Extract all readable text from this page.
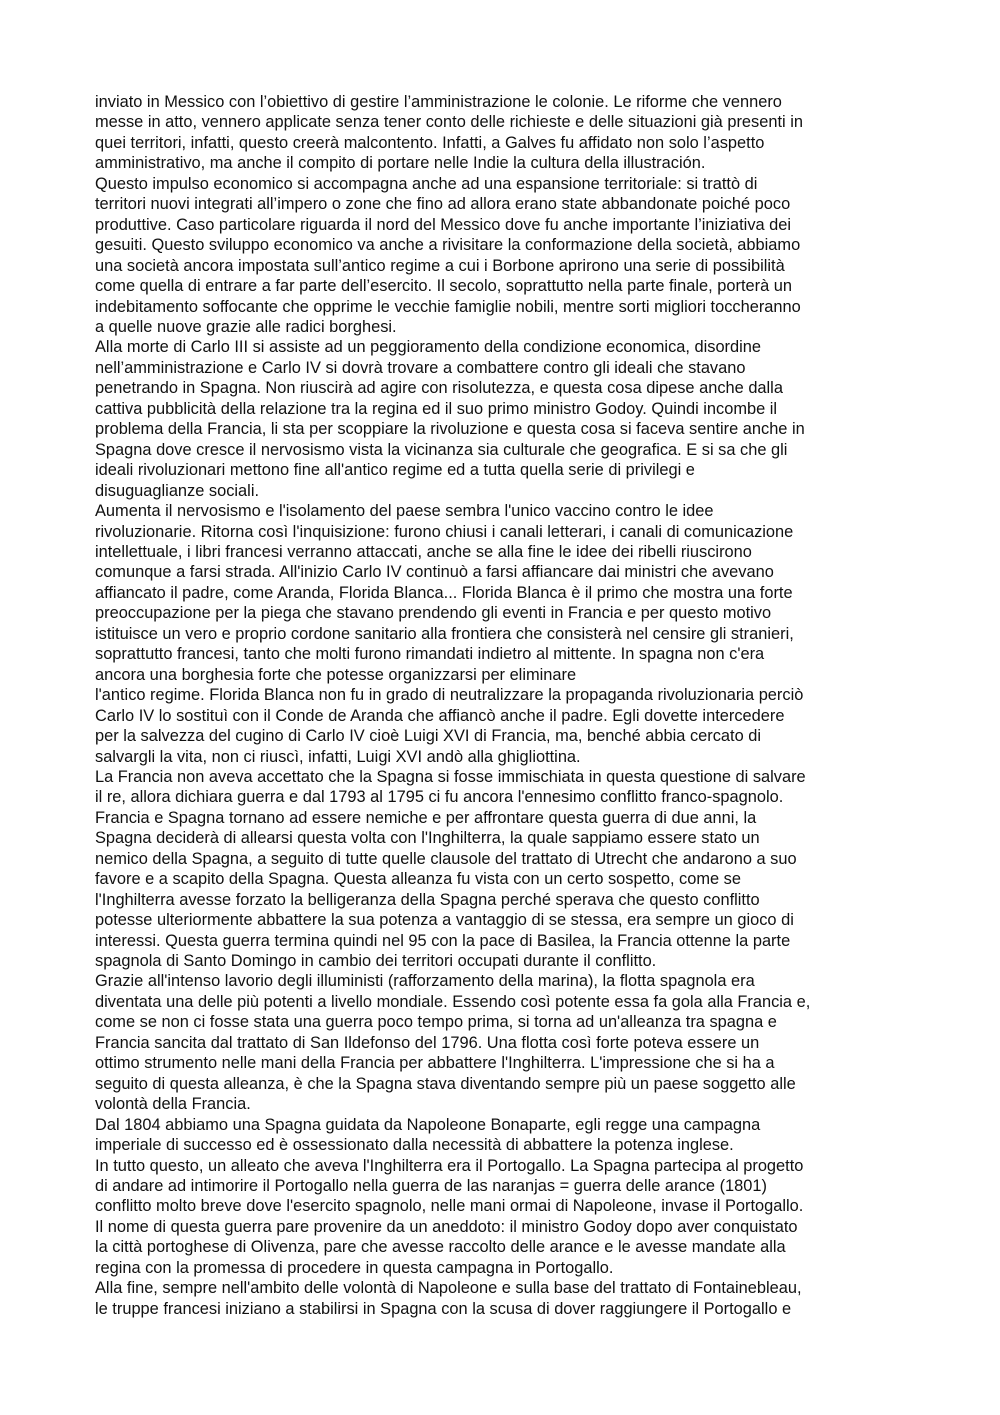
inviato in Messico con l’obiettivo di gestire l’amministrazione le colonie. Le riforme che vennero
messe in atto, vennero applicate senza tener conto delle richieste e delle situazioni già presenti in
quei territori, infatti, questo creerà malcontento. Infatti, a Galves fu affidato non solo l’aspetto
amministrativo, ma anche il compito di portare nelle Indie la cultura della illustración.
Questo impulso economico si accompagna anche ad una espansione territoriale: si trattò di
territori nuovi integrati all’impero o zone che fino ad allora erano state abbandonate poiché poco
produttive. Caso particolare riguarda il nord del Messico dove fu anche importante l’iniziativa dei
gesuiti. Questo sviluppo economico va anche a rivisitare la conformazione della società, abbiamo
una società ancora impostata sull’antico regime a cui i Borbone aprirono una serie di possibilità
come quella di entrare a far parte dell’esercito. Il secolo, soprattutto nella parte finale, porterà un
indebitamento soffocante che opprime le vecchie famiglie nobili, mentre sorti migliori toccheranno
a quelle nuove grazie alle radici borghesi.
Alla morte di Carlo III si assiste ad un peggioramento della condizione economica, disordine
nell’amministrazione e Carlo IV si dovrà trovare a combattere contro gli ideali che stavano
penetrando in Spagna. Non riuscirà ad agire con risolutezza, e questa cosa dipese anche dalla
cattiva pubblicità della relazione tra la regina ed il suo primo ministro Godoy. Quindi incombe il
problema della Francia, li sta per scoppiare la rivoluzione e questa cosa si faceva sentire anche in
Spagna dove cresce il nervosismo vista la vicinanza sia culturale che geografica. E si sa che gli
ideali rivoluzionari mettono fine all'antico regime ed a tutta quella serie di privilegi e
disuguaglianze sociali.
Aumenta il nervosismo e l'isolamento del paese sembra l'unico vaccino contro le idee
rivoluzionarie. Ritorna così l'inquisizione: furono chiusi i canali letterari, i canali di comunicazione
intellettuale, i libri francesi verranno attaccati, anche se alla fine le idee dei ribelli riuscirono
comunque a farsi strada. All'inizio Carlo IV continuò a farsi affiancare dai ministri che avevano
affiancato il padre, come Aranda, Florida Blanca... Florida Blanca è il primo che mostra una forte
preoccupazione per la piega che stavano prendendo gli eventi in Francia e per questo motivo
istituisce un vero e proprio cordone sanitario alla frontiera che consisterà nel censire gli stranieri,
soprattutto francesi, tanto che molti furono rimandati indietro al mittente. In spagna non c'era
ancora una borghesia forte che potesse organizzarsi per eliminare
l'antico regime. Florida Blanca non fu in grado di neutralizzare la propaganda rivoluzionaria perciò
Carlo IV lo sostituì con il Conde de Aranda che affiancò anche il padre. Egli dovette intercedere
per la salvezza del cugino di Carlo IV cioè Luigi XVI di Francia, ma, benché abbia cercato di
salvargli la vita, non ci riuscì, infatti, Luigi XVI andò alla ghigliottina.
La Francia non aveva accettato che la Spagna si fosse immischiata in questa questione di salvare
il re, allora dichiara guerra e dal 1793 al 1795 ci fu ancora l'ennesimo conflitto franco-spagnolo.
Francia e Spagna tornano ad essere nemiche e per affrontare questa guerra di due anni, la
Spagna deciderà di allearsi questa volta con l'Inghilterra, la quale sappiamo essere stato un
nemico della Spagna, a seguito di tutte quelle clausole del trattato di Utrecht che andarono a suo
favore e a scapito della Spagna. Questa alleanza fu vista con un certo sospetto, come se
l'Inghilterra avesse forzato la belligeranza della Spagna perché sperava che questo conflitto
potesse ulteriormente abbattere la sua potenza a vantaggio di se stessa, era sempre un gioco di
interessi. Questa guerra termina quindi nel 95 con la pace di Basilea, la Francia ottenne la parte
spagnola di Santo Domingo in cambio dei territori occupati durante il conflitto.
Grazie all'intenso lavorio degli illuministi (rafforzamento della marina), la flotta spagnola era
diventata una delle più potenti a livello mondiale. Essendo così potente essa fa gola alla Francia e,
come se non ci fosse stata una guerra poco tempo prima, si torna ad un'alleanza tra spagna e
Francia sancita dal trattato di San Ildefonso del 1796. Una flotta così forte poteva essere un
ottimo strumento nelle mani della Francia per abbattere l'Inghilterra. L'impressione che si ha a
seguito di questa alleanza, è che la Spagna stava diventando sempre più un paese soggetto alle
volontà della Francia.
Dal 1804 abbiamo una Spagna guidata da Napoleone Bonaparte, egli regge una campagna
imperiale di successo ed è ossessionato dalla necessità di abbattere la potenza inglese.
In tutto questo, un alleato che aveva l'Inghilterra era il Portogallo. La Spagna partecipa al progetto
di andare ad intimorire il Portogallo nella guerra de las naranjas = guerra delle arance (1801)
conflitto molto breve dove l'esercito spagnolo, nelle mani ormai di Napoleone, invase il Portogallo.
Il nome di questa guerra pare provenire da un aneddoto: il ministro Godoy dopo aver conquistato
la città portoghese di Olivenza, pare che avesse raccolto delle arance e le avesse mandate alla
regina con la promessa di procedere in questa campagna in Portogallo.
Alla fine, sempre nell'ambito delle volontà di Napoleone e sulla base del trattato di Fontainebleau,
le truppe francesi iniziano a stabilirsi in Spagna con la scusa di dover raggiungere il Portogallo e
